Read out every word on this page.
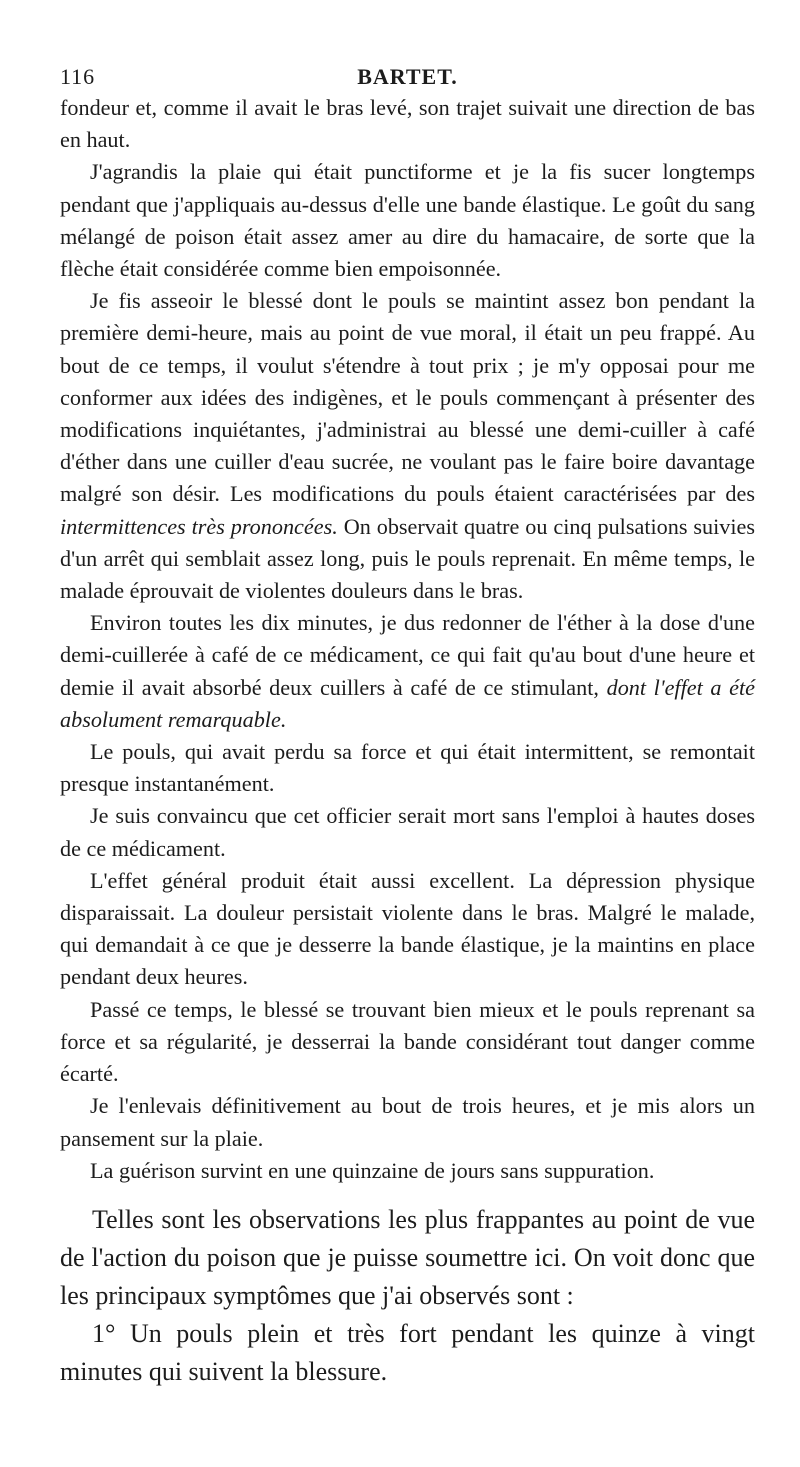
116	BARTET.

fondeur et, comme il avait le bras levé, son trajet suivait une direction de bas en haut.

J'agrandis la plaie qui était punctiforme et je la fis sucer longtemps pendant que j'appliquais au-dessus d'elle une bande élastique. Le goût du sang mélangé de poison était assez amer au dire du hamacaire, de sorte que la flèche était considérée comme bien empoisonnée.

Je fis asseoir le blessé dont le pouls se maintint assez bon pendant la première demi-heure, mais au point de vue moral, il était un peu frappé. Au bout de ce temps, il voulut s'étendre à tout prix ; je m'y opposai pour me conformer aux idées des indigènes, et le pouls commençant à présenter des modifications inquiétantes, j'administrai au blessé une demi-cuiller à café d'éther dans une cuiller d'eau sucrée, ne voulant pas le faire boire davantage malgré son désir. Les modifications du pouls étaient caractérisées par des intermittences très prononcées. On observait quatre ou cinq pulsations suivies d'un arrêt qui semblait assez long, puis le pouls reprenait. En même temps, le malade éprouvait de violentes douleurs dans le bras.

Environ toutes les dix minutes, je dus redonner de l'éther à la dose d'une demi-cuillerée à café de ce médicament, ce qui fait qu'au bout d'une heure et demie il avait absorbé deux cuillers à café de ce stimulant, dont l'effet a été absolument remarquable.

Le pouls, qui avait perdu sa force et qui était intermittent, se remontait presque instantanément.

Je suis convaincu que cet officier serait mort sans l'emploi à hautes doses de ce médicament.

L'effet général produit était aussi excellent. La dépression physique disparaissait. La douleur persistait violente dans le bras. Malgré le malade, qui demandait à ce que je desserre la bande élastique, je la maintins en place pendant deux heures.

Passé ce temps, le blessé se trouvant bien mieux et le pouls reprenant sa force et sa régularité, je desserrai la bande considérant tout danger comme écarté.

Je l'enlevais définitivement au bout de trois heures, et je mis alors un pansement sur la plaie.

La guérison survint en une quinzaine de jours sans suppuration.

Telles sont les observations les plus frappantes au point de vue de l'action du poison que je puisse soumettre ici. On voit donc que les principaux symptômes que j'ai observés sont :

1° Un pouls plein et très fort pendant les quinze à vingt minutes qui suivent la blessure.
